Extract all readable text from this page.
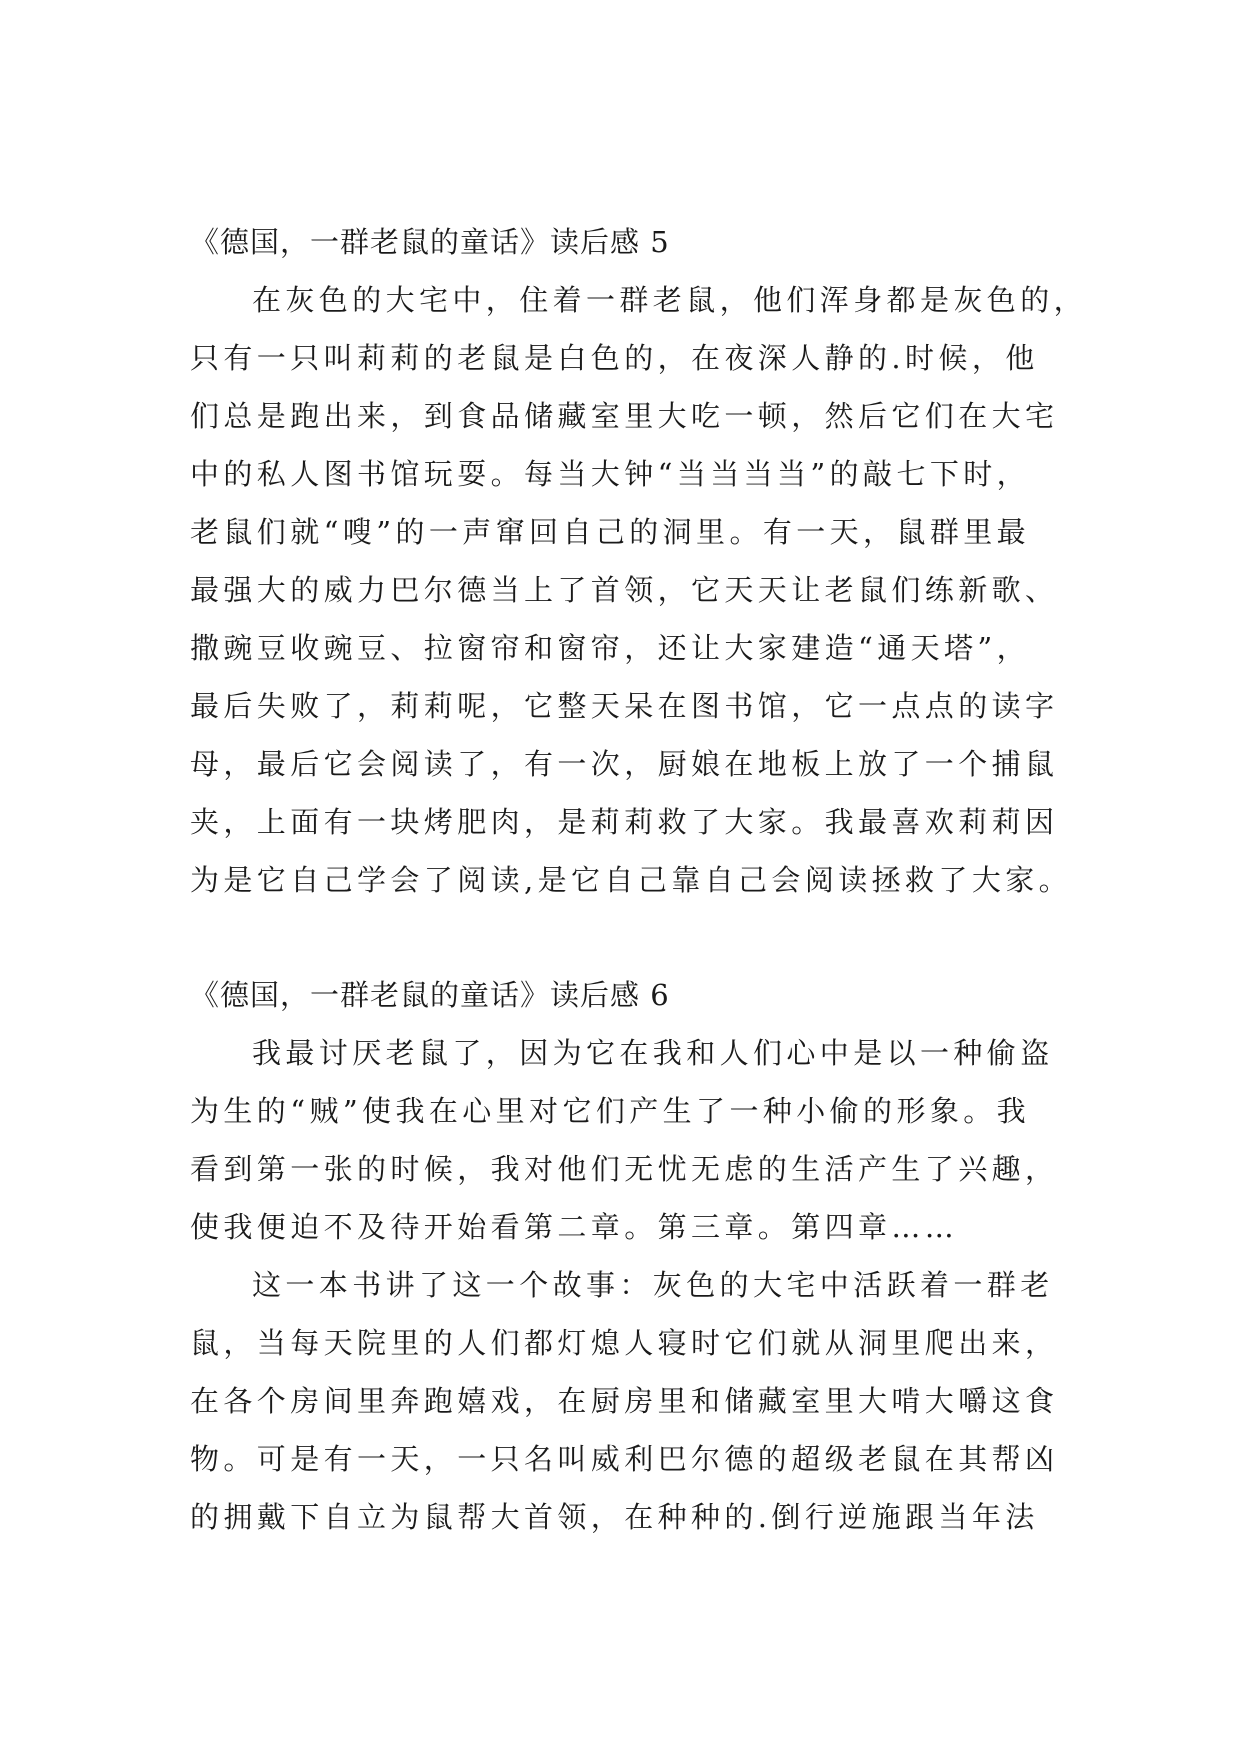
《德国，一群老鼠的童话》读后感 5
在灰色的大宅中，住着一群老鼠，他们浑身都是灰色的，
只有一只叫莉莉的老鼠是白色的，在夜深人静的.时候，他
们总是跑出来，到食品储藏室里大吃一顿，然后它们在大宅
中的私人图书馆玩耍。每当大钟“当当当当”的敲七下时，
老鼠们就“嗖”的一声窜回自己的洞里。有一天，鼠群里最
最强大的威力巴尔德当上了首领，它天天让老鼠们练新歌、
撒豌豆收豌豆、拉窗帘和窗帘，还让大家建造“通天塔”，
最后失败了，莉莉呢，它整天呆在图书馆，它一点点的读字
母，最后它会阅读了，有一次，厨娘在地板上放了一个捕鼠
夹，上面有一块烤肥肉，是莉莉救了大家。我最喜欢莉莉因
为是它自己学会了阅读,是它自己靠自己会阅读拯救了大家。
《德国，一群老鼠的童话》读后感 6
我最讨厌老鼠了，因为它在我和人们心中是以一种偷盗
为生的“贼”使我在心里对它们产生了一种小偷的形象。我
看到第一张的时候，我对他们无忧无虑的生活产生了兴趣，
使我便迫不及待开始看第二章。第三章。第四章……
这一本书讲了这一个故事：灰色的大宅中活跃着一群老
鼠，当每天院里的人们都灯熄人寝时它们就从洞里爬出来，
在各个房间里奔跑嬉戏，在厨房里和储藏室里大啃大嚼这食
物。可是有一天，一只名叫威利巴尔德的超级老鼠在其帮凶
的拥戴下自立为鼠帮大首领，在种种的.倒行逆施跟当年法
